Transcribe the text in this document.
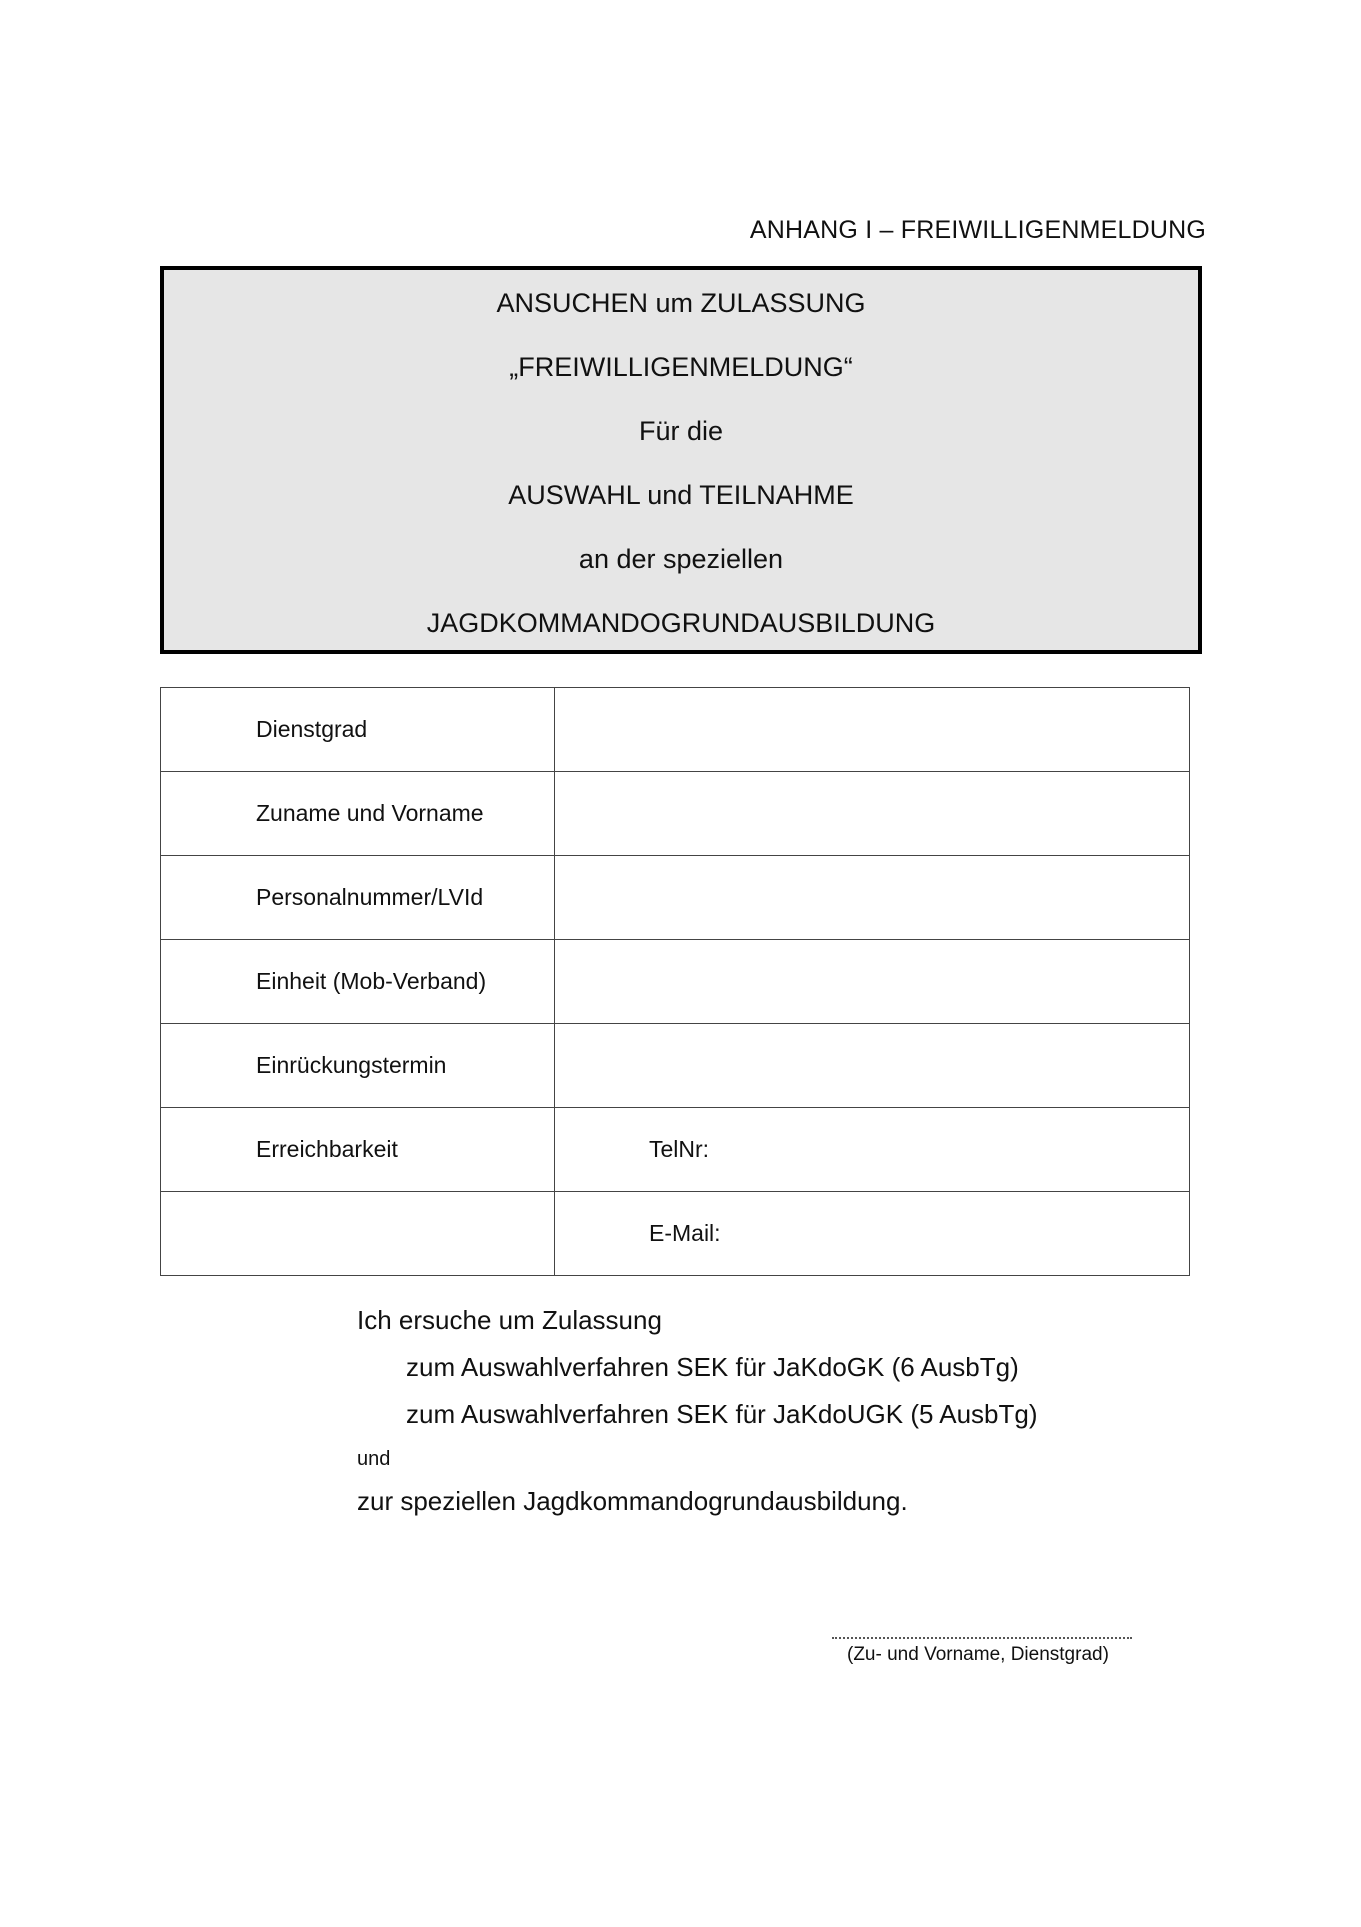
ANHANG I – FREIWILLIGENMELDUNG
ANSUCHEN um ZULASSUNG
„FREIWILLIGENMELDUNG“
Für die
AUSWAHL und TEILNAHME
an der speziellen
JAGDKOMMANDOGRUNDAUSBILDUNG
Dienstgrad	
Zuname und Vorname	
Personalnummer/LVId	
Einheit (Mob-Verband)	
Einrückungstermin	
Erreichbarkeit	TelNr:
	E-Mail:
Ich ersuche um Zulassung
zum Auswahlverfahren SEK für JaKdoGK (6 AusbTg)
zum Auswahlverfahren SEK für JaKdoUGK (5 AusbTg)
und
zur speziellen Jagdkommandogrundausbildung.
(Zu- und Vorname, Dienstgrad)
